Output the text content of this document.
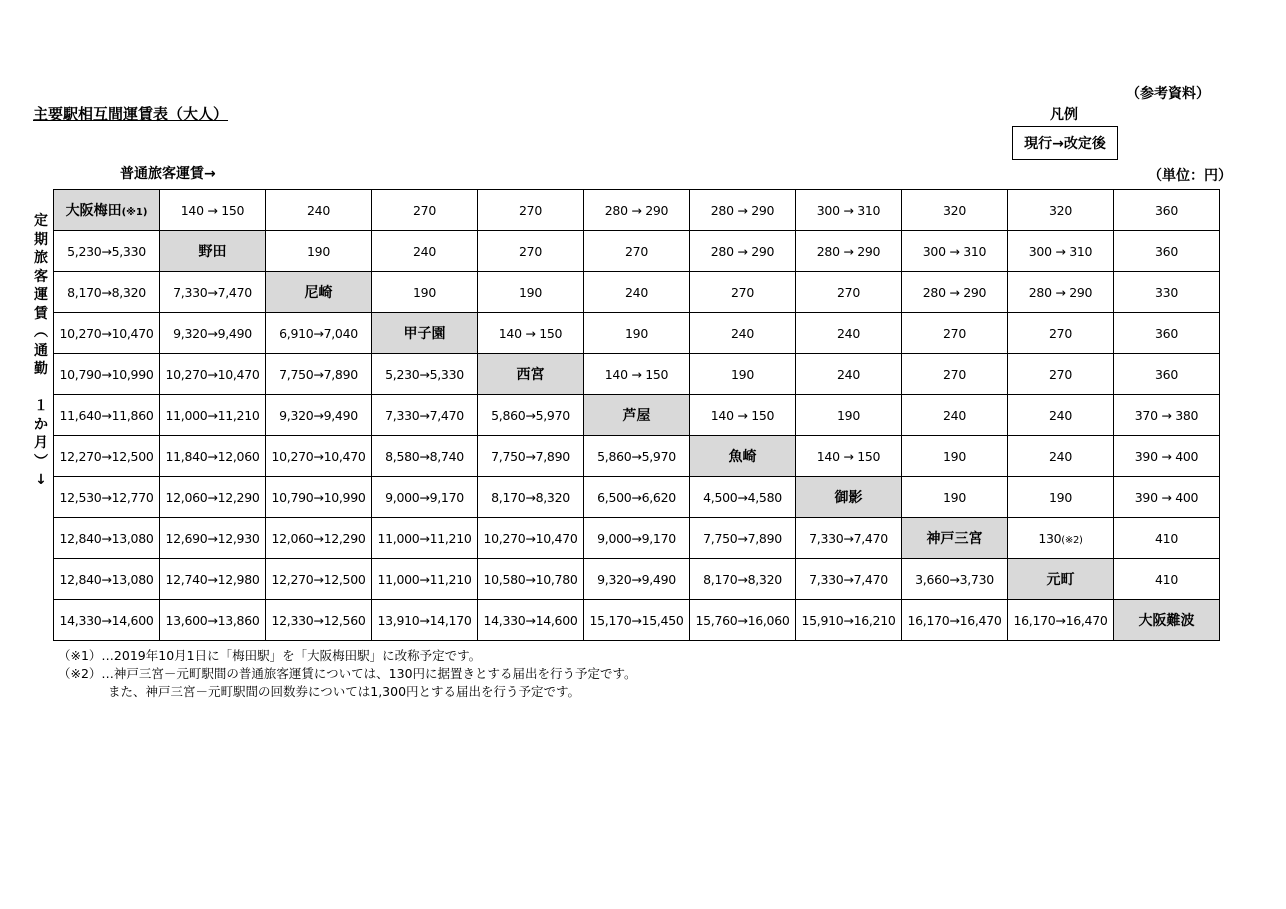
（参考資料）
主要駅相互間運賃表（大人）	凡例
現行→改定後
普通旅客運賃→	（単位：円）
定
期
旅
客
運
賃
︵
通
勤

１
か
月
︶
↓
大阪梅田(※1)	140 → 150	240	270	270	280 → 290	280 → 290	300 → 310	320	320	360
5,230→5,330	野田	190	240	270	270	280 → 290	280 → 290	300 → 310	300 → 310	360
8,170→8,320	7,330→7,470	尼崎	190	190	240	270	270	280 → 290	280 → 290	330
10,270→10,470	9,320→9,490	6,910→7,040	甲子園	140 → 150	190	240	240	270	270	360
10,790→10,990	10,270→10,470	7,750→7,890	5,230→5,330	西宮	140 → 150	190	240	270	270	360
11,640→11,860	11,000→11,210	9,320→9,490	7,330→7,470	5,860→5,970	芦屋	140 → 150	190	240	240	370 → 380
12,270→12,500	11,840→12,060	10,270→10,470	8,580→8,740	7,750→7,890	5,860→5,970	魚崎	140 → 150	190	240	390 → 400
12,530→12,770	12,060→12,290	10,790→10,990	9,000→9,170	8,170→8,320	6,500→6,620	4,500→4,580	御影	190	190	390 → 400
12,840→13,080	12,690→12,930	12,060→12,290	11,000→11,210	10,270→10,470	9,000→9,170	7,750→7,890	7,330→7,470	神戸三宮	130(※2)	410
12,840→13,080	12,740→12,980	12,270→12,500	11,000→11,210	10,580→10,780	9,320→9,490	8,170→8,320	7,330→7,470	3,660→3,730	元町	410
14,330→14,600	13,600→13,860	12,330→12,560	13,910→14,170	14,330→14,600	15,170→15,450	15,760→16,060	15,910→16,210	16,170→16,470	16,170→16,470	大阪難波
（※1）…2019年10月1日に「梅田駅」を「大阪梅田駅」に改称予定です。
（※2）…神戸三宮－元町駅間の普通旅客運賃については、130円に据置きとする届出を行う予定です。
また、神戸三宮－元町駅間の回数券については1,300円とする届出を行う予定です。
